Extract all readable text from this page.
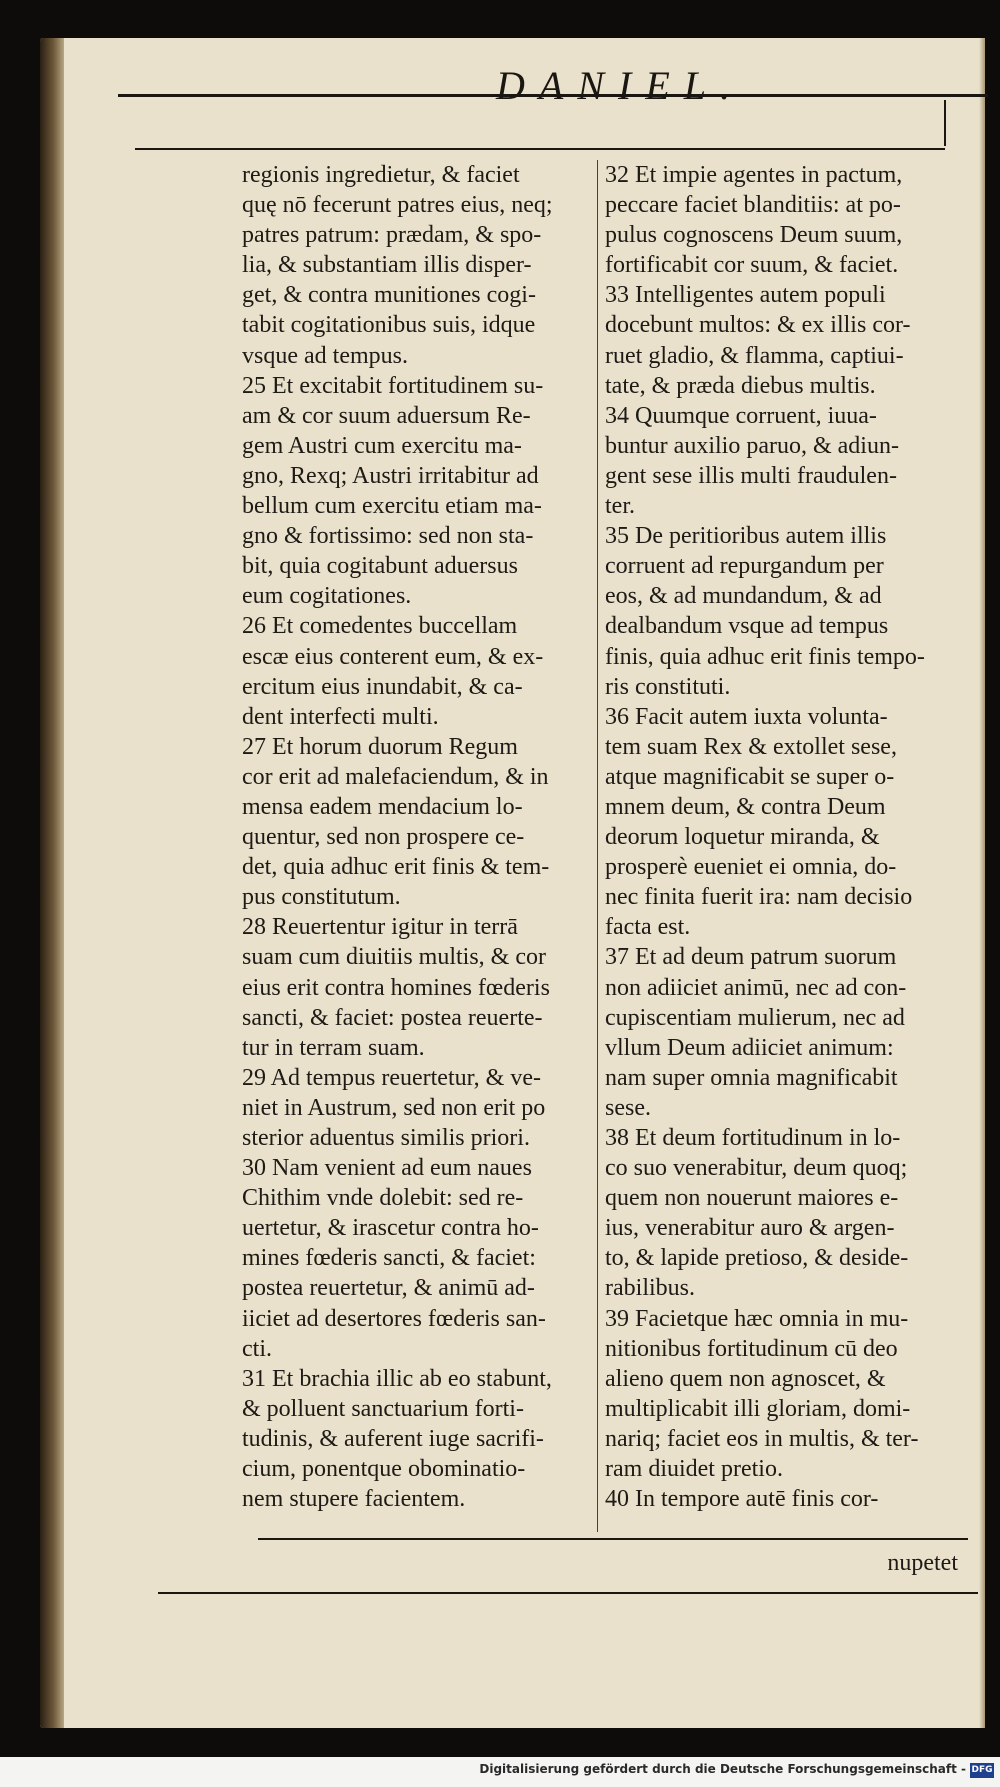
DANIEL.
regionis ingredietur, & faciet
quę nō fecerunt patres eius, neq;
patres patrum: prædam, & spo-
lia, & substantiam illis disper-
get, & contra munitiones cogi-
tabit cogitationibus suis, idque
vsque ad tempus.
25 Et excitabit fortitudinem su-
am & cor suum aduersum Re-
gem Austri cum exercitu ma-
gno, Rexq; Austri irritabitur ad
bellum cum exercitu etiam ma-
gno & fortissimo: sed non sta-
bit, quia cogitabunt aduersus
eum cogitationes.
26 Et comedentes buccellam
escæ eius conterent eum, & ex-
ercitum eius inundabit, & ca-
dent interfecti multi.
27 Et horum duorum Regum
cor erit ad malefaciendum, & in
mensa eadem mendacium lo-
quentur, sed non prospere ce-
det, quia adhuc erit finis & tem-
pus constitutum.
28 Reuertentur igitur in terrā
suam cum diuitiis multis, & cor
eius erit contra homines fœderis
sancti, & faciet: postea reuerte-
tur in terram suam.
29 Ad tempus reuertetur, & ve-
niet in Austrum, sed non erit po
sterior aduentus similis priori.
30 Nam venient ad eum naues
Chithim vnde dolebit: sed re-
uertetur, & irascetur contra ho-
mines fœderis sancti, & faciet:
postea reuertetur, & animū ad-
iiciet ad desertores fœderis san-
cti.
31 Et brachia illic ab eo stabunt,
& polluent sanctuarium forti-
tudinis, & auferent iuge sacrifi-
cium, ponentque obominatio-
nem stupere facientem.
32 Et impie agentes in pactum,
peccare faciet blanditiis: at po-
pulus cognoscens Deum suum,
fortificabit cor suum, & faciet.
33 Intelligentes autem populi
docebunt multos: & ex illis cor-
ruet gladio, & flamma, captiui-
tate, & præda diebus multis.
34 Quumque corruent, iuua-
buntur auxilio paruo, & adiun-
gent sese illis multi fraudulen-
ter.
35 De peritioribus autem illis
corruent ad repurgandum per
eos, & ad mundandum, & ad
dealbandum vsque ad tempus
finis, quia adhuc erit finis tempo-
ris constituti.
36 Facit autem iuxta volunta-
tem suam Rex & extollet sese,
atque magnificabit se super o-
mnem deum, & contra Deum
deorum loquetur miranda, &
prosperè eueniet ei omnia, do-
nec finita fuerit ira: nam decisio
facta est.
37 Et ad deum patrum suorum
non adiiciet animū, nec ad con-
cupiscentiam mulierum, nec ad
vllum Deum adiiciet animum:
nam super omnia magnificabit
sese.
38 Et deum fortitudinum in lo-
co suo venerabitur, deum quoq;
quem non nouerunt maiores e-
ius, venerabitur auro & argen-
to, & lapide pretioso, & deside-
rabilibus.
39 Facietque hæc omnia in mu-
nitionibus fortitudinum cū deo
alieno quem non agnoscet, &
multiplicabit illi gloriam, domi-
nariq; faciet eos in multis, & ter-
ram diuidet pretio.
40 In tempore autē finis cor-
nupetet
Digitalisierung gefördert durch die Deutsche Forschungsgemeinschaft - DFG
